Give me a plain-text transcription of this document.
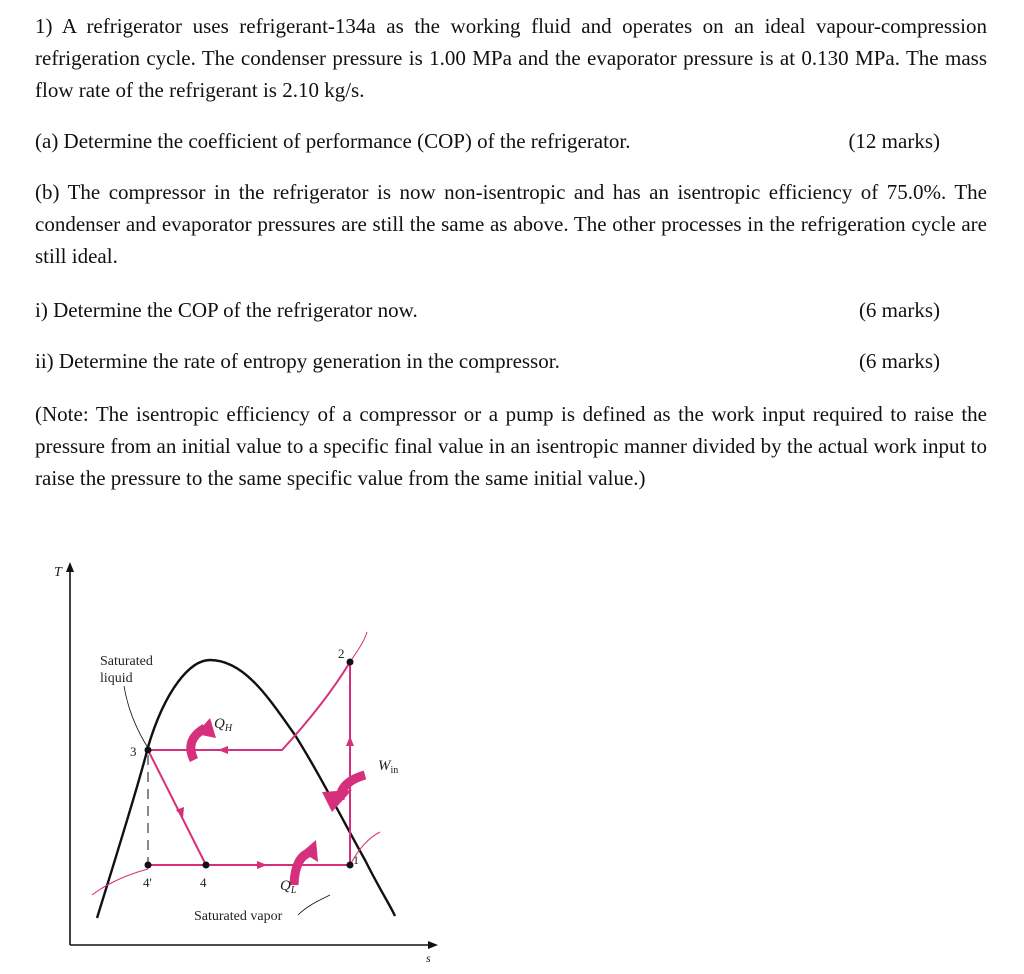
1) A refrigerator uses refrigerant-134a as the working fluid and operates on an ideal vapour-compression refrigeration cycle. The condenser pressure is 1.00 MPa and the evaporator pressure is at 0.130 MPa. The mass flow rate of the refrigerant is 2.10 kg/s.

(a) Determine the coefficient of performance (COP) of the refrigerator.	(12 marks)

(b) The compressor in the refrigerator is now non-isentropic and has an isentropic efficiency of 75.0%. The condenser and evaporator pressures are still the same as above. The other processes in the refrigeration cycle are still ideal.

i) Determine the COP of the refrigerator now.	(6 marks)
ii) Determine the rate of entropy generation in the compressor.	(6 marks)

(Note: The isentropic efficiency of a compressor or a pump is defined as the work input required to raise the pressure from an initial value to a specific final value in an isentropic manner divided by the actual work input to raise the pressure to the same specific value from the same initial value.)

T
s
1
2
3
4
4'
Saturated
liquid
Saturated vapor
$Q_H$
$Q_L$
$W_{in}$
